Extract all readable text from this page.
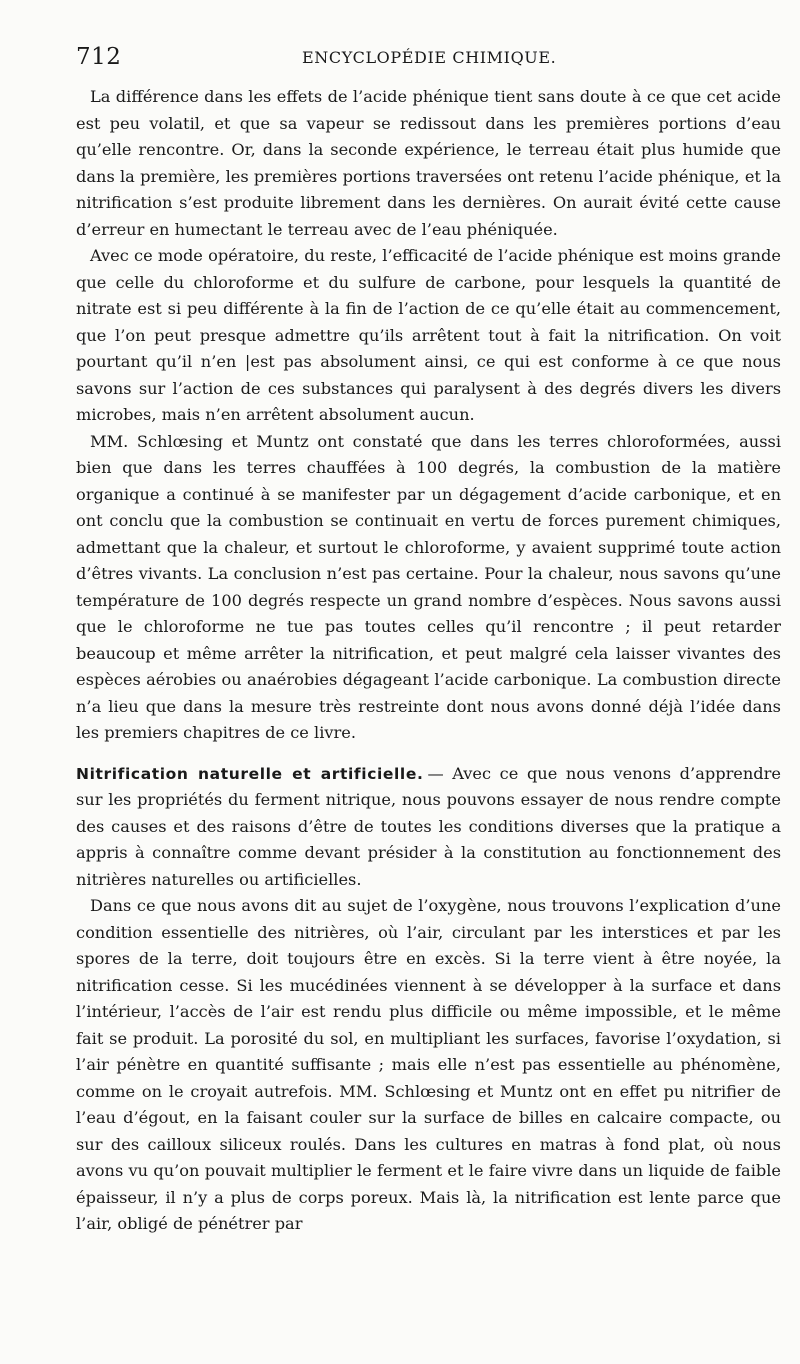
712	ENCYCLOPÉDIE CHIMIQUE.

La différence dans les effets de l’acide phénique tient sans doute à ce que cet acide est peu volatil, et que sa vapeur se redissout dans les premières portions d’eau qu’elle rencontre. Or, dans la seconde expérience, le terreau était plus humide que dans la première, les premières portions traversées ont retenu l’acide phénique, et la nitrification s’est produite librement dans les dernières. On aurait évité cette cause d’erreur en humectant le terreau avec de l’eau phéniquée.

Avec ce mode opératoire, du reste, l’efficacité de l’acide phénique est moins grande que celle du chloroforme et du sulfure de carbone, pour lesquels la quantité de nitrate est si peu différente à la fin de l’action de ce qu’elle était au commencement, que l’on peut presque admettre qu’ils arrêtent tout à fait la nitrification. On voit pourtant qu’il n’en |est pas absolument ainsi, ce qui est conforme à ce que nous savons sur l’action de ces substances qui paralysent à des degrés divers les divers microbes, mais n’en arrêtent absolument aucun.

MM. Schlœsing et Muntz ont constaté que dans les terres chloroformées, aussi bien que dans les terres chauffées à 100 degrés, la combustion de la matière organique a continué à se manifester par un dégagement d’acide carbonique, et en ont conclu que la combustion se continuait en vertu de forces purement chimiques, admettant que la chaleur, et surtout le chloroforme, y avaient supprimé toute action d’êtres vivants. La conclusion n’est pas certaine. Pour la chaleur, nous savons qu’une température de 100 degrés respecte un grand nombre d’espèces. Nous savons aussi que le chloroforme ne tue pas toutes celles qu’il rencontre ; il peut retarder beaucoup et même arrêter la nitrification, et peut malgré cela laisser vivantes des espèces aérobies ou anaérobies dégageant l’acide carbonique. La combustion directe n’a lieu que dans la mesure très restreinte dont nous avons donné déjà l’idée dans les premiers chapitres de ce livre.

Nitrification naturelle et artificielle. — Avec ce que nous venons d’apprendre sur les propriétés du ferment nitrique, nous pouvons essayer de nous rendre compte des causes et des raisons d’être de toutes les conditions diverses que la pratique a appris à connaître comme devant présider à la constitution au fonctionnement des nitrières naturelles ou artificielles.

Dans ce que nous avons dit au sujet de l’oxygène, nous trouvons l’explication d’une condition essentielle des nitrières, où l’air, circulant par les interstices et par les spores de la terre, doit toujours être en excès. Si la terre vient à être noyée, la nitrification cesse. Si les mucédinées viennent à se développer à la surface et dans l’intérieur, l’accès de l’air est rendu plus difficile ou même impossible, et le même fait se produit. La porosité du sol, en multipliant les surfaces, favorise l’oxydation, si l’air pénètre en quantité suffisante ; mais elle n’est pas essentielle au phénomène, comme on le croyait autrefois. MM. Schlœsing et Muntz ont en effet pu nitrifier de l’eau d’égout, en la faisant couler sur la surface de billes en calcaire compacte, ou sur des cailloux siliceux roulés. Dans les cultures en matras à fond plat, où nous avons vu qu’on pouvait multiplier le ferment et le faire vivre dans un liquide de faible épaisseur, il n’y a plus de corps poreux. Mais là, la nitrification est lente parce que l’air, obligé de pénétrer par
